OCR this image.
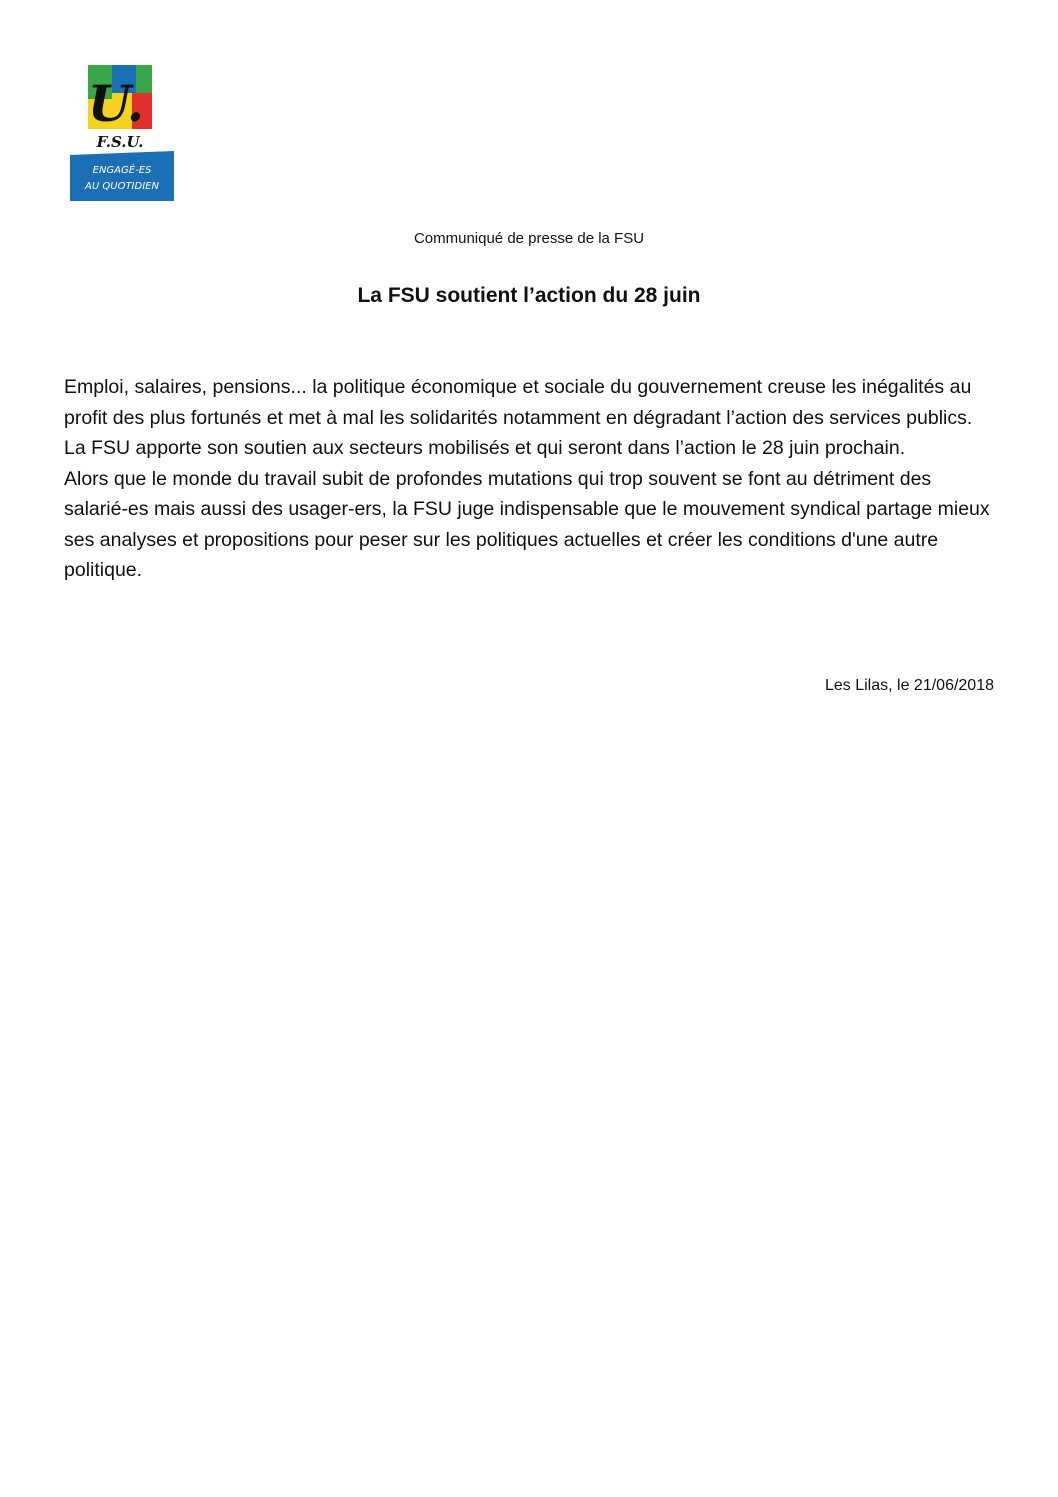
U.
F.S.U.
ENGAGÉ-ES
AU QUOTIDIEN
Communiqué de presse de la FSU
La FSU soutient l’action du 28 juin

Emploi, salaires, pensions... la politique économique et sociale du gouvernement creuse les inégalités au profit des plus fortunés et met à mal les solidarités notamment en dégradant l’action des services publics.

La FSU apporte son soutien aux secteurs mobilisés et qui seront dans l’action le 28 juin prochain.

Alors que le monde du travail subit de profondes mutations qui trop souvent se font au détriment des salarié-es mais aussi des usager-ers, la FSU juge indispensable que le mouvement syndical partage mieux ses analyses et propositions pour peser sur les politiques actuelles et créer les conditions d'une autre politique.

Les Lilas, le 21/06/2018
